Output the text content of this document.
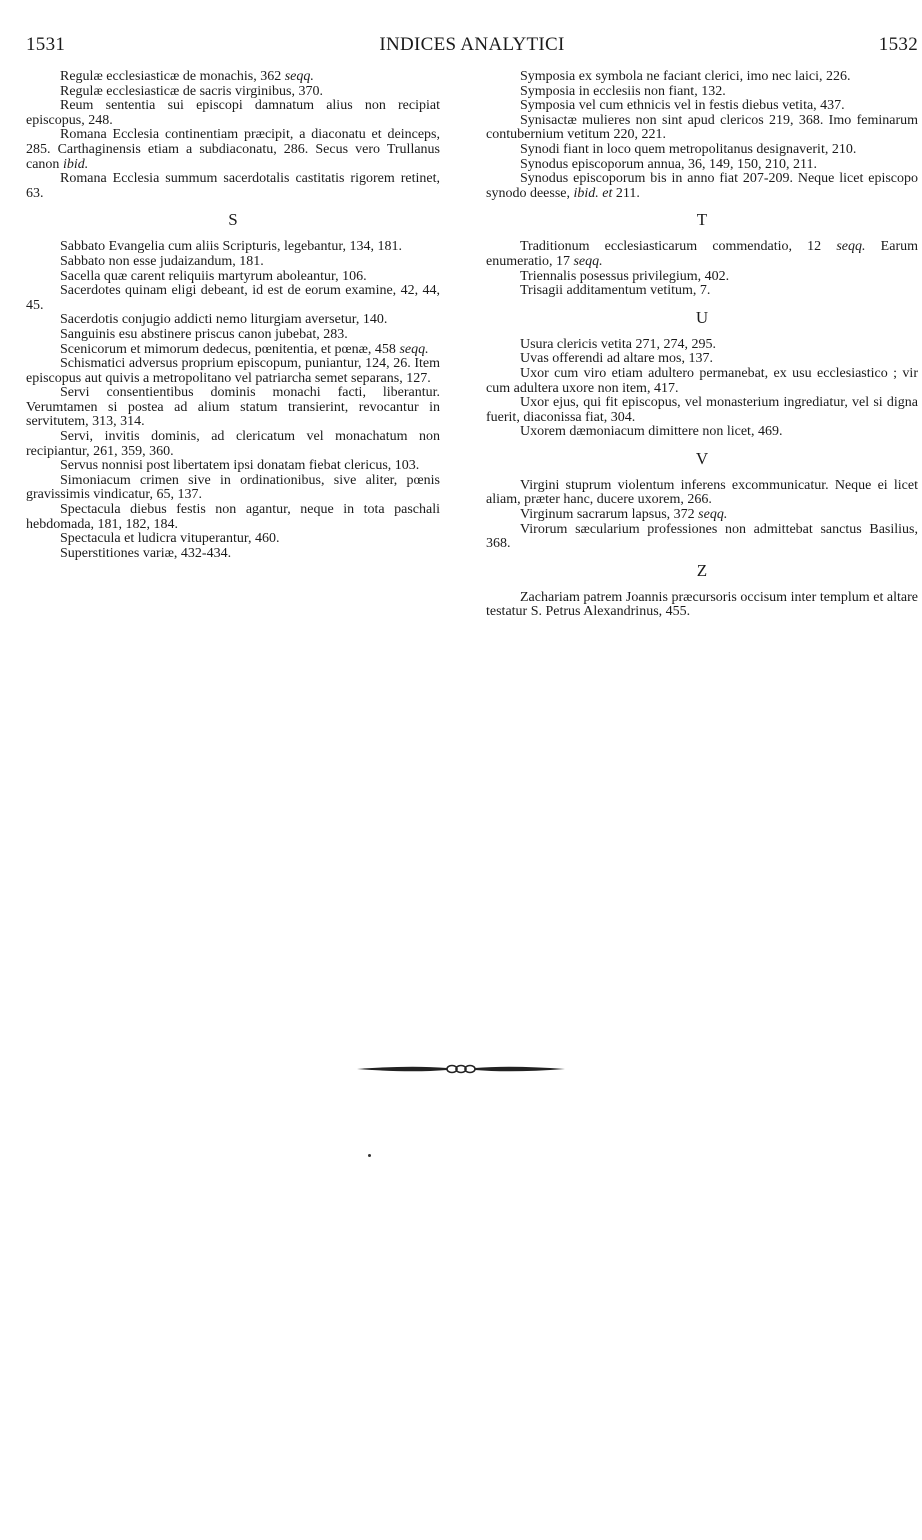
1531	INDICES ANALYTICI	1532

Regulæ ecclesiasticæ de monachis, 362 seqq.

Regulæ ecclesiasticæ de sacris virginibus, 370.

Reum sententia sui episcopi damnatum alius non recipiat episcopus, 248.

Romana Ecclesia continentiam præcipit, a diaconatu et deinceps, 285. Carthaginensis etiam a subdiaconatu, 286. Secus vero Trullanus canon ibid.

Romana Ecclesia summum sacerdotalis castitatis rigorem retinet, 63.

S

Sabbato Evangelia cum aliis Scripturis, legebantur, 134, 181.

Sabbato non esse judaizandum, 181.

Sacella quæ carent reliquiis martyrum aboleantur, 106.

Sacerdotes quinam eligi debeant, id est de eorum examine, 42, 44, 45.

Sacerdotis conjugio addicti nemo liturgiam aversetur, 140.

Sanguinis esu abstinere priscus canon jubebat, 283.

Scenicorum et mimorum dedecus, pœnitentia, et pœnæ, 458 seqq.

Schismatici adversus proprium episcopum, puniantur, 124, 26. Item episcopus aut quivis a metropolitano vel patriarcha semet separans, 127.

Servi consentientibus dominis monachi facti, liberantur. Verumtamen si postea ad alium statum transierint, revocantur in servitutem, 313, 314.

Servi, invitis dominis, ad clericatum vel monachatum non recipiantur, 261, 359, 360.

Servus nonnisi post libertatem ipsi donatam fiebat clericus, 103.

Simoniacum crimen sive in ordinationibus, sive aliter, pœnis gravissimis vindicatur, 65, 137.

Spectacula diebus festis non agantur, neque in tota paschali hebdomada, 181, 182, 184.

Spectacula et ludicra vituperantur, 460.

Superstitiones variæ, 432-434.

Symposia ex symbola ne faciant clerici, imo nec laici, 226.

Symposia in ecclesiis non fiant, 132.

Symposia vel cum ethnicis vel in festis diebus vetita, 437.

Synisactæ mulieres non sint apud clericos 219, 368. Imo feminarum contubernium vetitum 220, 221.

Synodi fiant in loco quem metropolitanus designaverit, 210.

Synodus episcoporum annua, 36, 149, 150, 210, 211.

Synodus episcoporum bis in anno fiat 207-209. Neque licet episcopo synodo deesse, ibid. et 211.

T

Traditionum ecclesiasticarum commendatio, 12 seqq. Earum enumeratio, 17 seqq.

Triennalis posessus privilegium, 402.

Trisagii additamentum vetitum, 7.

U

Usura clericis vetita 271, 274, 295.

Uvas offerendi ad altare mos, 137.

Uxor cum viro etiam adultero permanebat, ex usu ecclesiastico ; vir cum adultera uxore non item, 417.

Uxor ejus, qui fit episcopus, vel monasterium ingrediatur, vel si digna fuerit, diaconissa fiat, 304.

Uxorem dæmoniacum dimittere non licet, 469.

V

Virgini stuprum violentum inferens excommunicatur. Neque ei licet aliam, præter hanc, ducere uxorem, 266.

Virginum sacrarum lapsus, 372 seqq.

Virorum sæcularium professiones non admittebat sanctus Basilius, 368.

Z

Zachariam patrem Joannis præcursoris occisum inter templum et altare testatur S. Petrus Alexandrinus, 455.
